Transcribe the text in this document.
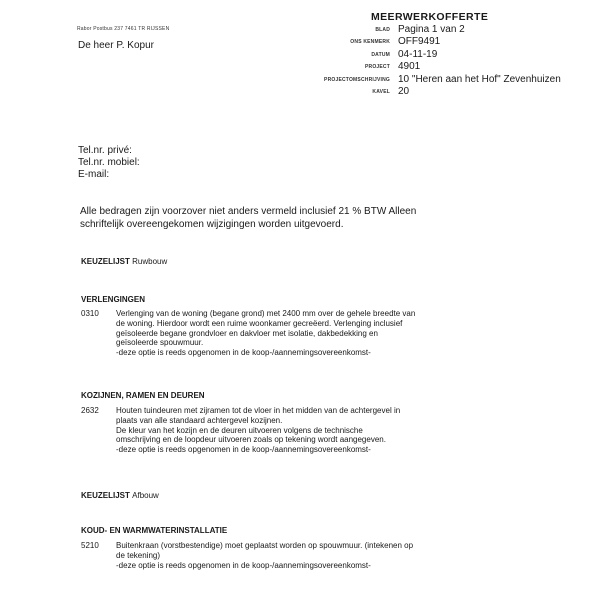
Rabor Postbus 237 7461 TR RIJSSEN
De heer P. Kopur
MEERWERKOFFERTE
BLAD Pagina 1 van 2
ONS KENMERK OFF9491
DATUM 04-11-19
PROJECT 4901
PROJECTOMSCHRIJVING 10 "Heren aan het Hof" Zevenhuizen
KAVEL 20
Tel.nr. privé:
Tel.nr. mobiel:
E-mail:
Alle bedragen zijn voorzover niet anders vermeld inclusief 21 % BTW Alleen
schriftelijk overeengekomen wijzigingen worden uitgevoerd.
KEUZELIJST Ruwbouw
VERLENGINGEN
0310 Verlenging van de woning (begane grond) met 2400 mm over de gehele breedte van
de woning. Hierdoor wordt een ruime woonkamer gecreëerd. Verlenging inclusief
geïsoleerde begane grondvloer en dakvloer met isolatie, dakbedekking en
geïsoleerde spouwmuur.
-deze optie is reeds opgenomen in de koop-/aannemingsovereenkomst-
KOZIJNEN, RAMEN EN DEUREN
2632 Houten tuindeuren met zijramen tot de vloer in het midden van de achtergevel in
plaats van alle standaard achtergevel kozijnen.
De kleur van het kozijn en de deuren uitvoeren volgens de technische
omschrijving en de loopdeur uitvoeren zoals op tekening wordt aangegeven.
-deze optie is reeds opgenomen in de koop-/aannemingsovereenkomst-
KEUZELIJST Afbouw
KOUD- EN WARMWATERINSTALLATIE
5210 Buitenkraan (vorstbestendige) moet geplaatst worden op spouwmuur. (intekenen op
de tekening)
-deze optie is reeds opgenomen in de koop-/aannemingsovereenkomst-
